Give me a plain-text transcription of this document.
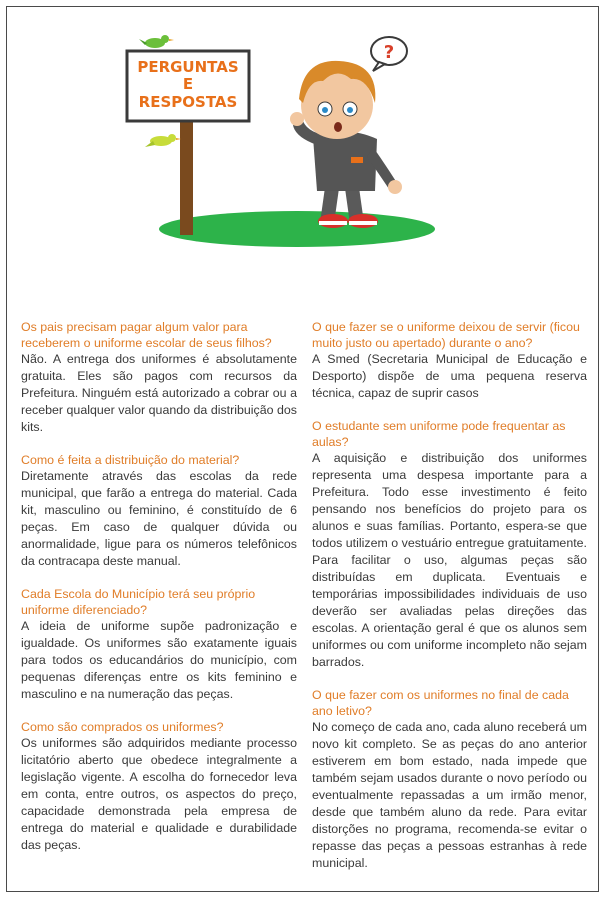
PERGUNTAS
E
RESPOSTAS
?
Os pais precisam pagar algum valor para receberem o uniforme escolar de seus filhos?
Não. A entrega dos uniformes é absolutamente gratuita. Eles são pagos com recursos da Prefeitura. Ninguém está autorizado a cobrar ou a receber qualquer valor quando da distribuição dos kits.
Como é feita a distribuição do material?
Diretamente através das escolas da rede municipal, que farão a entrega do material. Cada kit, masculino ou feminino, é constituído de 6 peças. Em caso de qualquer dúvida ou anormalidade, ligue para os números telefônicos da contracapa deste manual.
Cada Escola do Município terá seu próprio uniforme diferenciado?
A ideia de uniforme supõe padronização e igualdade. Os uniformes são exatamente iguais para todos os educandários do município, com pequenas diferenças entre os kits feminino e masculino e na numeração das peças.
Como são comprados os uniformes?
Os uniformes são adquiridos mediante processo licitatório aberto que obedece integralmente a legislação vigente. A escolha do fornecedor leva em conta, entre outros, os aspectos do preço, capacidade demonstrada pela empresa de entrega do material e qualidade e durabilidade das peças.
O que fazer se o uniforme deixou de servir (ficou muito justo ou apertado) durante o ano?
A Smed (Secretaria Municipal de Educação e Desporto) dispõe de uma pequena reserva técnica, capaz de suprir casos
O estudante sem uniforme pode frequentar as aulas?
A aquisição e distribuição dos uniformes representa uma despesa importante para a Prefeitura. Todo esse investimento é feito pensando nos benefícios do projeto para os alunos e suas famílias. Portanto, espera-se que todos utilizem o vestuário entregue gratuitamente. Para facilitar o uso, algumas peças são distribuídas em duplicata. Eventuais e temporárias impossibilidades individuais de uso deverão ser avaliadas pelas direções das escolas. A orientação geral é que os alunos sem uniformes ou com uniforme incompleto não sejam barrados.
O que fazer com os uniformes no final de cada ano letivo?
No começo de cada ano, cada aluno receberá um novo kit completo. Se as peças do ano anterior estiverem em bom estado, nada impede que também sejam usados durante o novo período ou eventualmente repassadas a um irmão menor, desde que também aluno da rede. Para evitar distorções no programa, recomenda-se evitar o repasse das peças a pessoas estranhas à rede municipal.
